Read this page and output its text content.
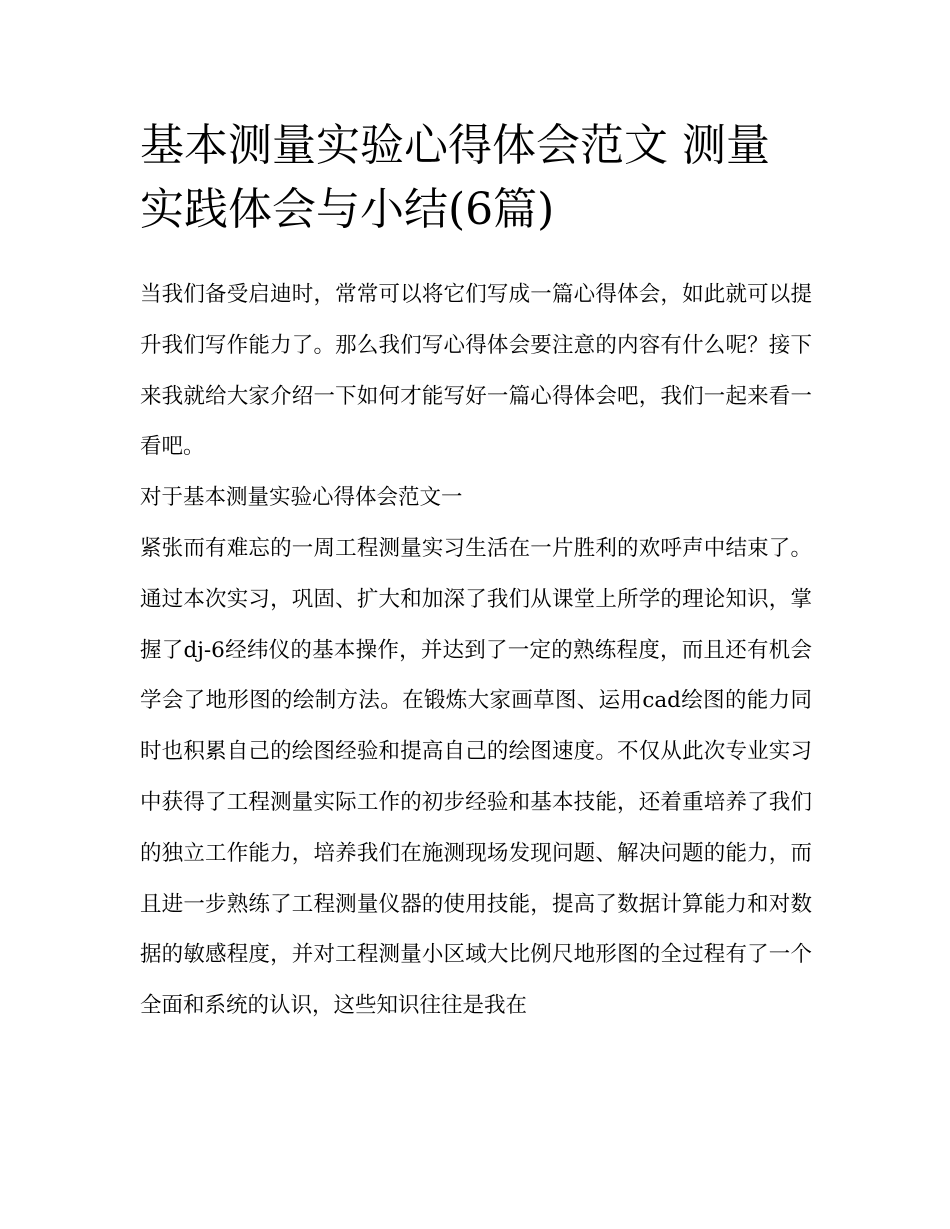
基本测量实验心得体会范文 测量实践体会与小结(6篇)

当我们备受启迪时，常常可以将它们写成一篇心得体会，如此就可以提升我们写作能力了。那么我们写心得体会要注意的内容有什么呢？接下来我就给大家介绍一下如何才能写好一篇心得体会吧，我们一起来看一看吧。

对于基本测量实验心得体会范文一

紧张而有难忘的一周工程测量实习生活在一片胜利的欢呼声中结束了。通过本次实习，巩固、扩大和加深了我们从课堂上所学的理论知识，掌握了dj-6经纬仪的基本操作，并达到了一定的熟练程度，而且还有机会学会了地形图的绘制方法。在锻炼大家画草图、运用cad绘图的能力同时也积累自己的绘图经验和提高自己的绘图速度。不仅从此次专业实习中获得了工程测量实际工作的初步经验和基本技能，还着重培养了我们的独立工作能力，培养我们在施测现场发现问题、解决问题的能力，而且进一步熟练了工程测量仪器的使用技能，提高了数据计算能力和对数据的敏感程度，并对工程测量小区域大比例尺地形图的全过程有了一个全面和系统的认识，这些知识往往是我在
